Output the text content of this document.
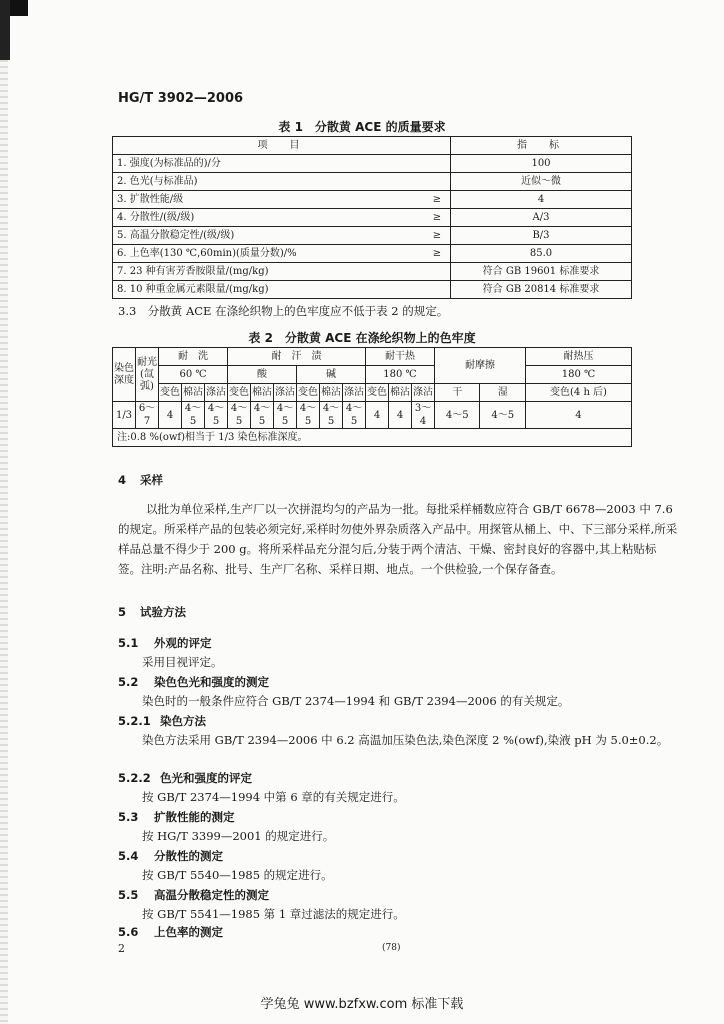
HG/T 3902—2006
表 1　分散黄 ACE 的质量要求
项　目		指　标
1. 强度(为标准品的)/分		100
2. 色光(与标准品)		近似～微
3. 扩散性能/级	≥	4
4. 分散性/(级/级)	≥	A/3
5. 高温分散稳定性/(级/级)	≥	B/3
6. 上色率(130 ℃,60min)(质量分数)/%	≥	85.0
7. 23 种有害芳香胺限量/(mg/kg)		符合 GB 19601 标准要求
8. 10 种重金属元素限量/(mg/kg)		符合 GB 20814 标准要求
3.3　分散黄 ACE 在涤纶织物上的色牢度应不低于表 2 的规定。
表 2　分散黄 ACE 在涤纶织物上的色牢度
染色深度	耐光(氙弧)	耐　洗			耐　汗　渍						耐干热			耐摩擦		耐热压
		60 ℃			酸			碱			180 ℃					180 ℃
		变色	棉沾	涤沾	变色	棉沾	涤沾	变色	棉沾	涤沾	变色	棉沾	涤沾	干	湿	变色(4 h 后)
1/3	6～7	4	4～5	4～5	4～5	4～5	4～5	4～5	4～5	4～5	4	4	3～4	4～5	4～5	4
注:0.8 %(owf)相当于 1/3 染色标准深度。																
4 采样
以批为单位采样,生产厂以一次拼混均匀的产品为一批。每批采样桶数应符合 GB/T 6678—2003 中 7.6 的规定。所采样产品的包装必须完好,采样时勿使外界杂质落入产品中。用探管从桶上、中、下三部分采样,所采样品总量不得少于 200 g。将所采样品充分混匀后,分装于两个清洁、干燥、密封良好的容器中,其上粘贴标签。注明:产品名称、批号、生产厂名称、采样日期、地点。一个供检验,一个保存备查。
5 试验方法
5.1 外观的评定
采用目视评定。
5.2 染色色光和强度的测定
染色时的一般条件应符合 GB/T 2374—1994 和 GB/T 2394—2006 的有关规定。
5.2.1 染色方法
染色方法采用 GB/T 2394—2006 中 6.2 高温加压染色法,染色深度 2 %(owf),染液 pH 为 5.0±0.2。
5.2.2 色光和强度的评定
按 GB/T 2374—1994 中第 6 章的有关规定进行。
5.3 扩散性能的测定
按 HG/T 3399—2001 的规定进行。
5.4 分散性的测定
按 GB/T 5540—1985 的规定进行。
5.5 高温分散稳定性的测定
按 GB/T 5541—1985 第 1 章过滤法的规定进行。
5.6 上色率的测定
2	(78)
学兔兔 www.bzfxw.com 标准下载
